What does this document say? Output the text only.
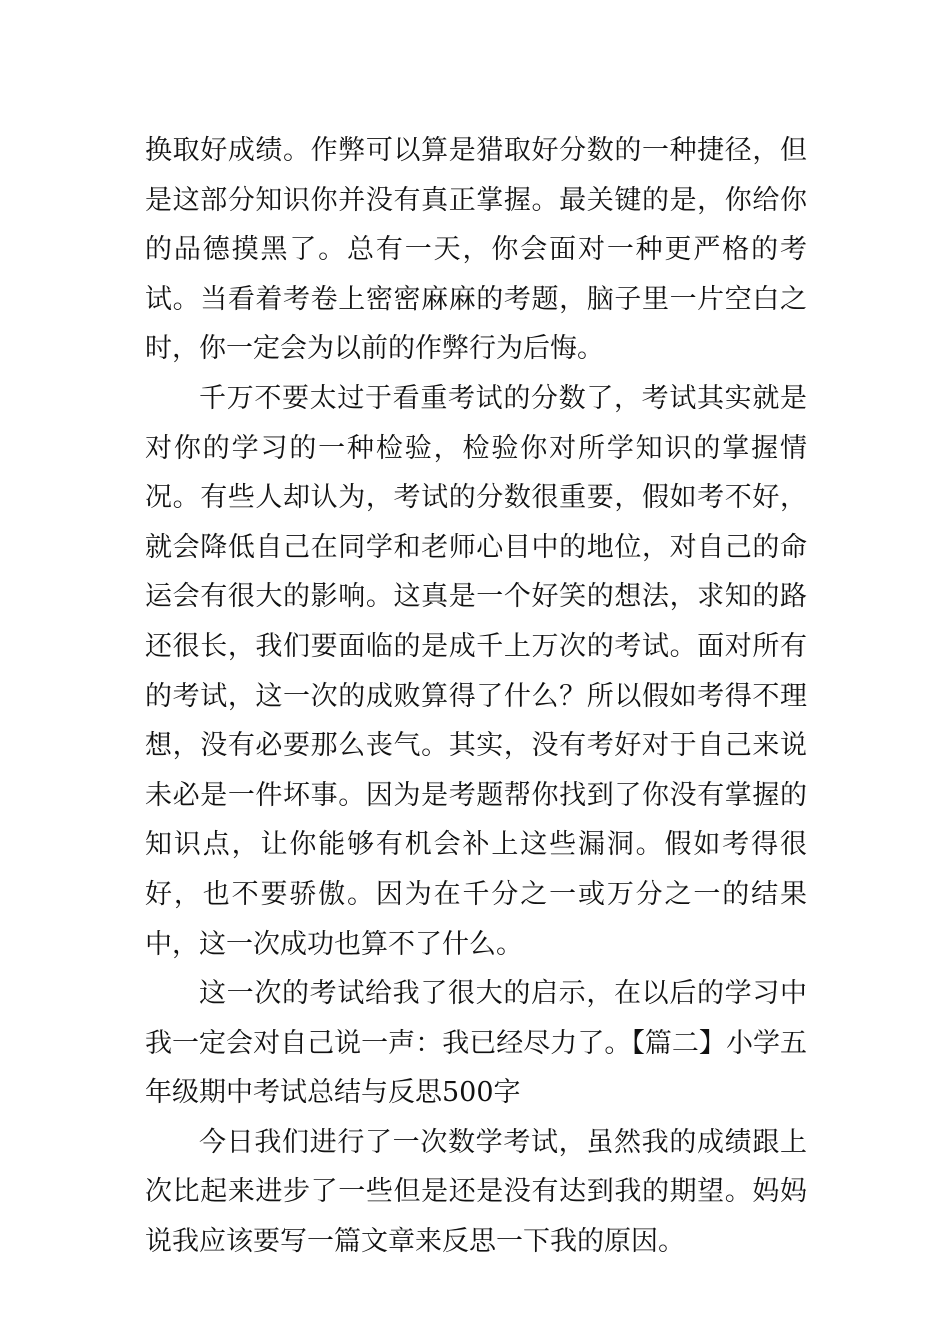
换取好成绩。作弊可以算是猎取好分数的一种捷径，但是这部分知识你并没有真正掌握。最关键的是，你给你的品德摸黑了。总有一天，你会面对一种更严格的考试。当看着考卷上密密麻麻的考题，脑子里一片空白之时，你一定会为以前的作弊行为后悔。

千万不要太过于看重考试的分数了，考试其实就是对你的学习的一种检验，检验你对所学知识的掌握情况。有些人却认为，考试的分数很重要，假如考不好，就会降低自己在同学和老师心目中的地位，对自己的命运会有很大的影响。这真是一个好笑的想法，求知的路还很长，我们要面临的是成千上万次的考试。面对所有的考试，这一次的成败算得了什么？所以假如考得不理想，没有必要那么丧气。其实，没有考好对于自己来说未必是一件坏事。因为是考题帮你找到了你没有掌握的知识点，让你能够有机会补上这些漏洞。假如考得很好，也不要骄傲。因为在千分之一或万分之一的结果中，这一次成功也算不了什么。

这一次的考试给我了很大的启示，在以后的学习中我一定会对自己说一声：我已经尽力了。【篇二】小学五年级期中考试总结与反思500字

今日我们进行了一次数学考试，虽然我的成绩跟上次比起来进步了一些但是还是没有达到我的期望。妈妈说我应该要写一篇文章来反思一下我的原因。
